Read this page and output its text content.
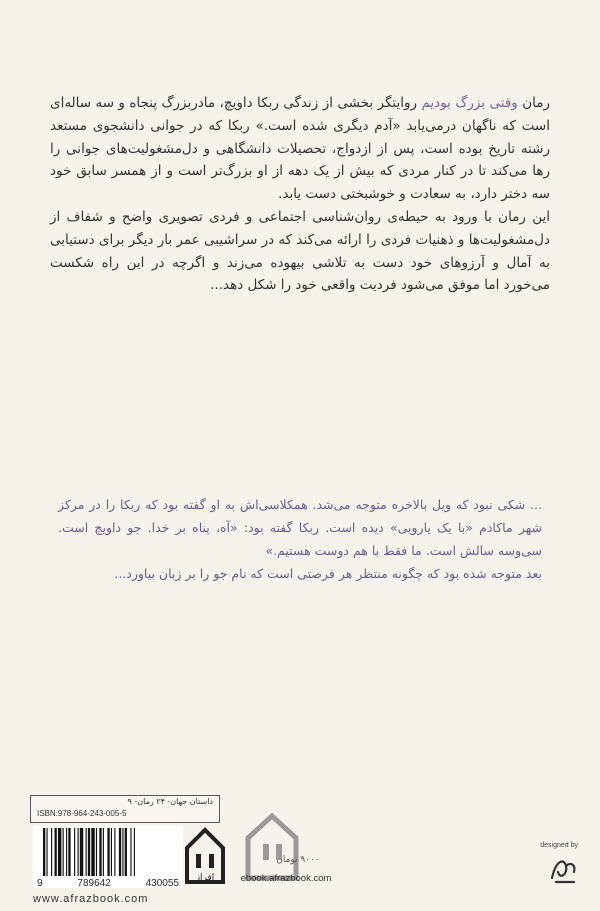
رمان وقتی بزرگ بودیم روایتگر بخشی از زندگی ربکا داویچ، مادربزرگ پنجاه و سه ساله‌ای است که ناگهان درمی‌یابد «آدم دیگری شده است.» ربکا که در جوانی دانشجوی مستعد رشته تاریخ بوده است، پس از ازدواج، تحصیلات دانشگاهی و دل‌مشغولیت‌های جوانی را رها می‌کند تا در کنار مردی که بیش از یک دهه از او بزرگ‌تر است و از همسر سابق خود سه دختر دارد، به سعادت و خوشبختی دست یابد.

این رمان با ورود به حیطه‌ی روان‌شناسی اجتماعی و فردی تصویری واضح و شفاف از دل‌مشغولیت‌ها و ذهنیات فردی را ارائه می‌کند که در سراشیبی عمر بار دیگر برای دستیابی به آمال و آرزوهای خود دست به تلاشی بیهوده می‌زند و اگرچه در این راه شکست می‌خورد اما موفق می‌شود فردیت واقعی خود را شکل دهد...

... شکی نبود که ویل بالاخره متوجه می‌شد. همکلاسی‌اش به او گفته بود که ربکا را در مرکز شهر ماکادم «با یک یارویی» دیده است. ربکا گفته بود: «آه، پناه بر خدا. جو داویچ است. سی‌وسه سالش است. ما فقط با هم دوست هستیم.»

بعد متوجه شده بود که چگونه منتظر هر فرصتی است که نام جو را بر زبان بیاورد...

داستان جهان- ۲۴ رمان- ۹
ISBN:978-964-243-005-5
9	789642	430055 افراز
۹۰۰۰ تومان
ebook.afrazbook.com
www.afrazbook.com
designed by
